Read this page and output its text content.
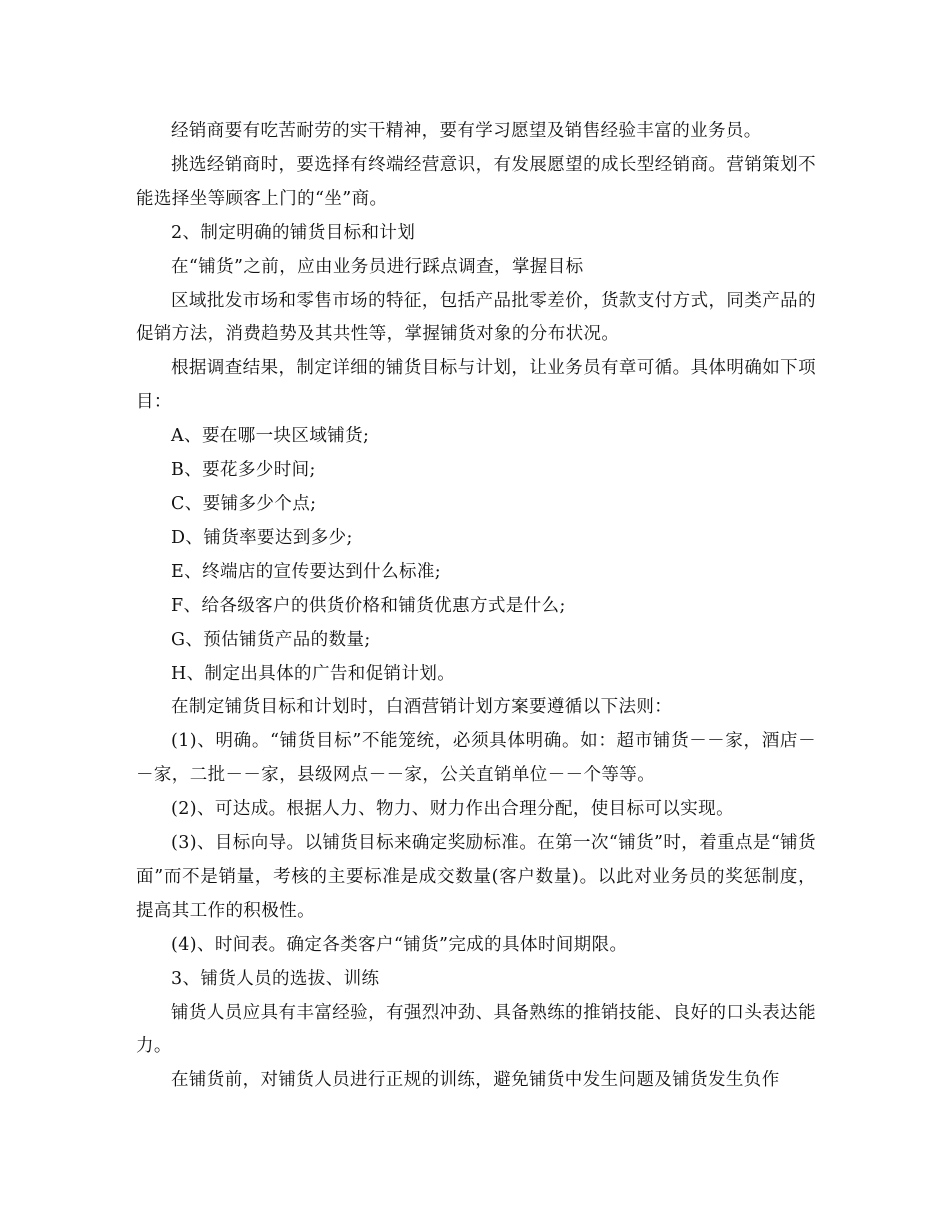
经销商要有吃苦耐劳的实干精神，要有学习愿望及销售经验丰富的业务员。

挑选经销商时，要选择有终端经营意识，有发展愿望的成长型经销商。营销策划不能选择坐等顾客上门的“坐”商。

2、制定明确的铺货目标和计划

在“铺货”之前，应由业务员进行踩点调查，掌握目标

区域批发市场和零售市场的特征，包括产品批零差价，货款支付方式，同类产品的促销方法，消费趋势及其共性等，掌握铺货对象的分布状况。

根据调查结果，制定详细的铺货目标与计划，让业务员有章可循。具体明确如下项目：

A、要在哪一块区域铺货;

B、要花多少时间;

C、要铺多少个点;

D、铺货率要达到多少;

E、终端店的宣传要达到什么标准;

F、给各级客户的供货价格和铺货优惠方式是什么;

G、预估铺货产品的数量;

H、制定出具体的广告和促销计划。

在制定铺货目标和计划时，白酒营销计划方案要遵循以下法则：

(1)、明确。“铺货目标”不能笼统，必须具体明确。如：超市铺货－－家，酒店－－家，二批－－家，县级网点－－家，公关直销单位－－个等等。

(2)、可达成。根据人力、物力、财力作出合理分配，使目标可以实现。

(3)、目标向导。以铺货目标来确定奖励标准。在第一次“铺货”时，着重点是“铺货面”而不是销量，考核的主要标准是成交数量(客户数量)。以此对业务员的奖惩制度，提高其工作的积极性。

(4)、时间表。确定各类客户“铺货”完成的具体时间期限。

3、铺货人员的选拔、训练

铺货人员应具有丰富经验，有强烈冲劲、具备熟练的推销技能、良好的口头表达能力。

在铺货前，对铺货人员进行正规的训练，避免铺货中发生问题及铺货发生负作
